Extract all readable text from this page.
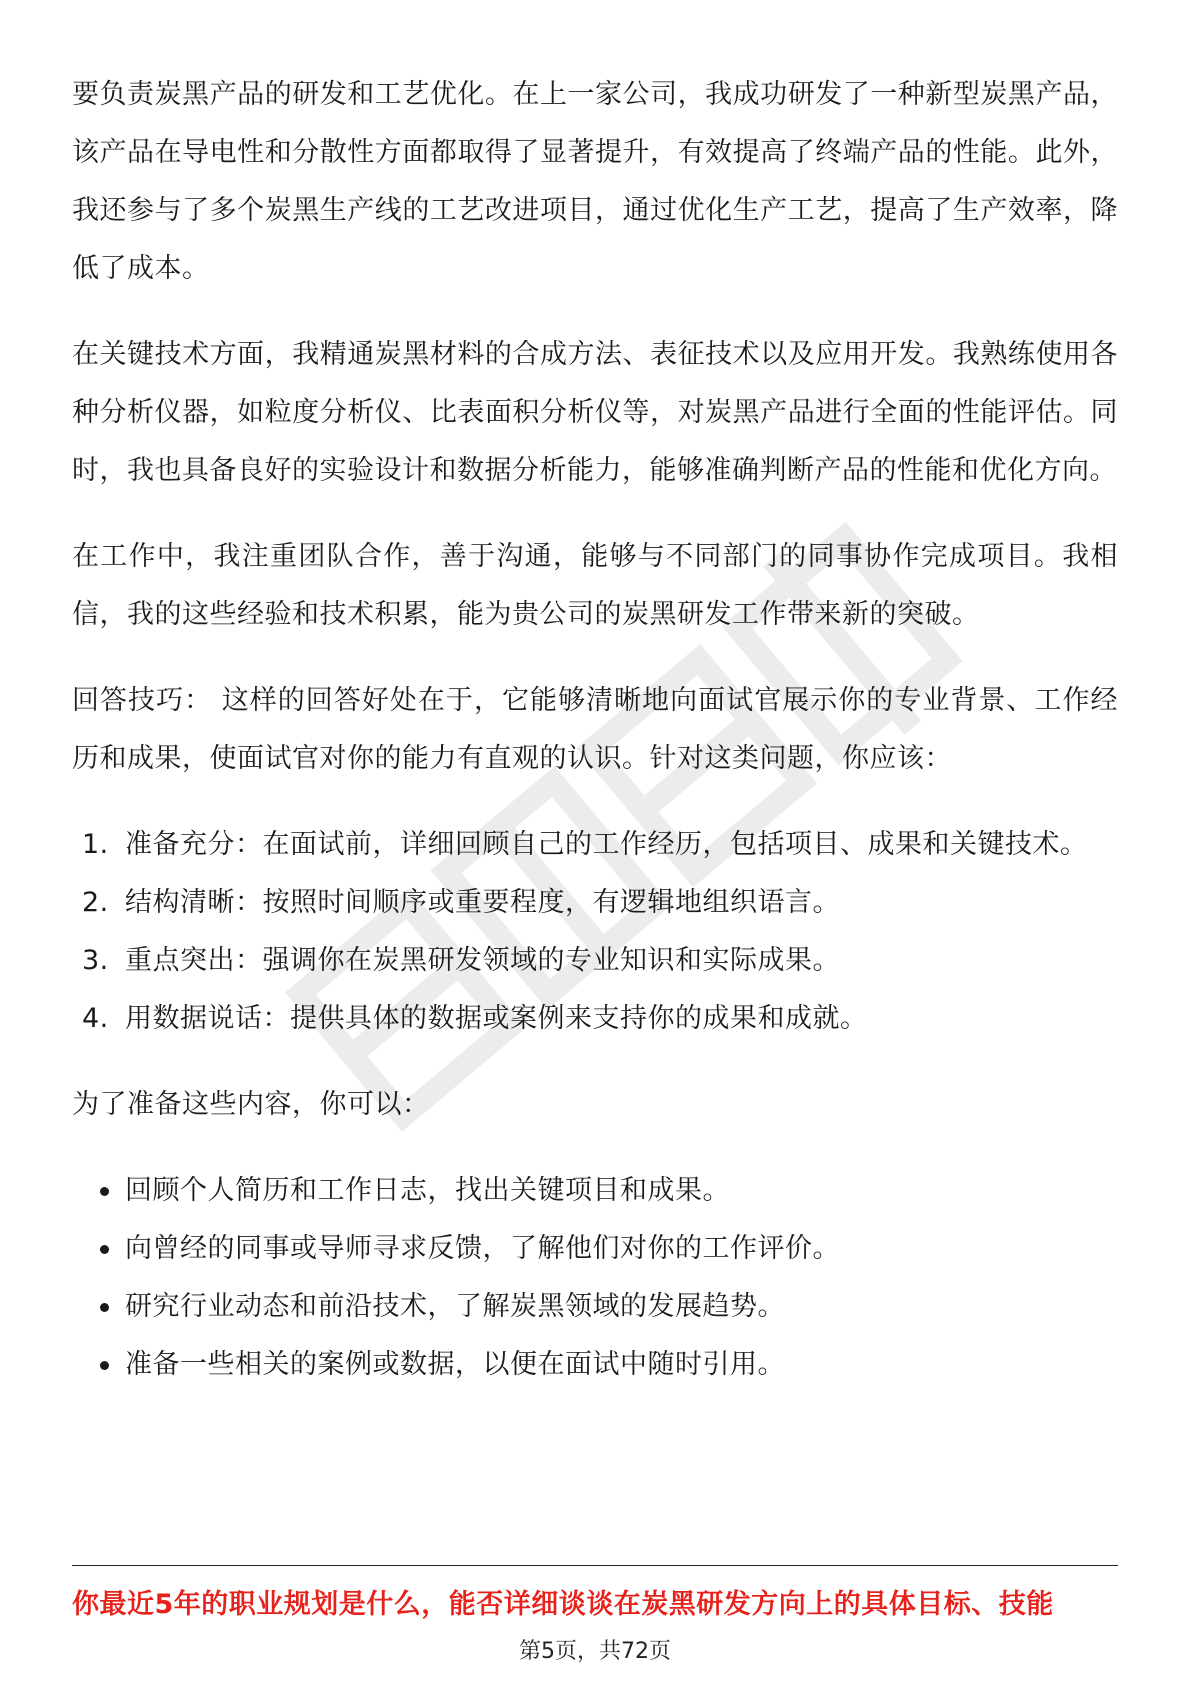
要负责炭黑产品的研发和工艺优化。在上一家公司，我成功研发了一种新型炭黑产品，该产品在导电性和分散性方面都取得了显著提升，有效提高了终端产品的性能。此外，我还参与了多个炭黑生产线的工艺改进项目，通过优化生产工艺，提高了生产效率，降低了成本。

在关键技术方面，我精通炭黑材料的合成方法、表征技术以及应用开发。我熟练使用各种分析仪器，如粒度分析仪、比表面积分析仪等，对炭黑产品进行全面的性能评估。同时，我也具备良好的实验设计和数据分析能力，能够准确判断产品的性能和优化方向。

在工作中，我注重团队合作，善于沟通，能够与不同部门的同事协作完成项目。我相信，我的这些经验和技术积累，能为贵公司的炭黑研发工作带来新的突破。

回答技巧： 这样的回答好处在于，它能够清晰地向面试官展示你的专业背景、工作经历和成果，使面试官对你的能力有直观的认识。针对这类问题，你应该：

1. 准备充分：在面试前，详细回顾自己的工作经历，包括项目、成果和关键技术。
2. 结构清晰：按照时间顺序或重要程度，有逻辑地组织语言。
3. 重点突出：强调你在炭黑研发领域的专业知识和实际成果。
4. 用数据说话：提供具体的数据或案例来支持你的成果和成就。

为了准备这些内容，你可以：

回顾个人简历和工作日志，找出关键项目和成果。
向曾经的同事或导师寻求反馈，了解他们对你的工作评价。
研究行业动态和前沿技术，了解炭黑领域的发展趋势。
准备一些相关的案例或数据，以便在面试中随时引用。
你最近5年的职业规划是什么，能否详细谈谈在炭黑研发方向上的具体目标、技能
第5页，共72页
